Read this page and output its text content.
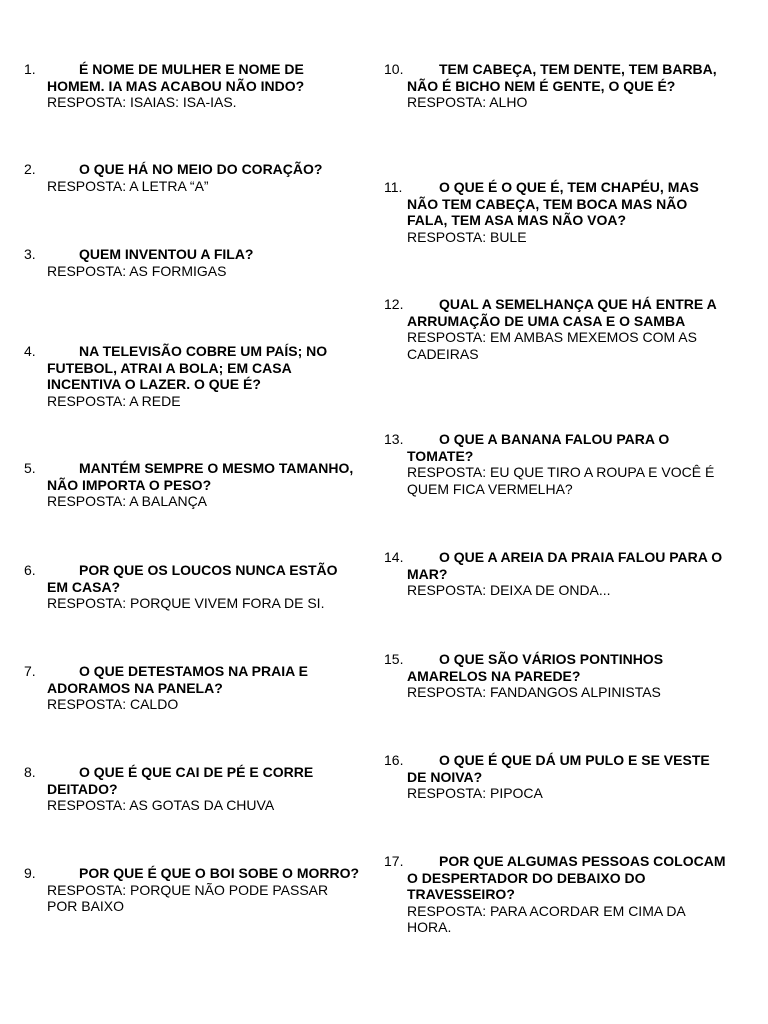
1.	É NOME DE MULHER E NOME DE HOMEM. IA MAS ACABOU NÃO INDO?
RESPOSTA: ISAIAS: ISA-IAS.
2.	O QUE HÁ NO MEIO DO CORAÇÃO?
RESPOSTA: A LETRA “A”
3.	QUEM INVENTOU A FILA?
RESPOSTA: AS FORMIGAS
4.	NA TELEVISÃO COBRE UM PAÍS; NO FUTEBOL, ATRAI A BOLA; EM CASA INCENTIVA O LAZER. O QUE É?
RESPOSTA: A REDE
5.	MANTÉM SEMPRE O MESMO TAMANHO, NÃO IMPORTA O PESO?
RESPOSTA: A BALANÇA
6.	POR QUE OS LOUCOS NUNCA ESTÃO EM CASA?
RESPOSTA: PORQUE VIVEM FORA DE SI.
7.	O QUE DETESTAMOS NA PRAIA E ADORAMOS NA PANELA?
RESPOSTA: CALDO
8.	O QUE É QUE CAI DE PÉ E CORRE DEITADO?
RESPOSTA: AS GOTAS DA CHUVA
9.	POR QUE É QUE O BOI SOBE O MORRO?
RESPOSTA: PORQUE NÃO PODE PASSAR POR BAIXO
10.	TEM CABEÇA, TEM DENTE, TEM BARBA, NÃO É BICHO NEM É GENTE, O QUE É?
RESPOSTA: ALHO
11.	O QUE É O QUE É, TEM CHAPÉU, MAS NÃO TEM CABEÇA, TEM BOCA MAS NÃO FALA, TEM ASA MAS NÃO VOA?
RESPOSTA: BULE
12.	QUAL A SEMELHANÇA QUE HÁ ENTRE A ARRUMAÇÃO DE UMA CASA E O SAMBA
RESPOSTA: EM AMBAS MEXEMOS COM AS CADEIRAS
13.	O QUE A BANANA FALOU PARA O TOMATE?
RESPOSTA: EU QUE TIRO A ROUPA E VOCÊ É QUEM FICA VERMELHA?
14.	O QUE A AREIA DA PRAIA FALOU PARA O MAR?
RESPOSTA: DEIXA DE ONDA...
15.	O QUE SÃO VÁRIOS PONTINHOS AMARELOS NA PAREDE?
RESPOSTA: FANDANGOS ALPINISTAS
16.	O QUE É QUE DÁ UM PULO E SE VESTE DE NOIVA?
RESPOSTA: PIPOCA
17.	POR QUE ALGUMAS PESSOAS COLOCAM O DESPERTADOR DO DEBAIXO DO TRAVESSEIRO?
RESPOSTA: PARA ACORDAR EM CIMA DA HORA.
